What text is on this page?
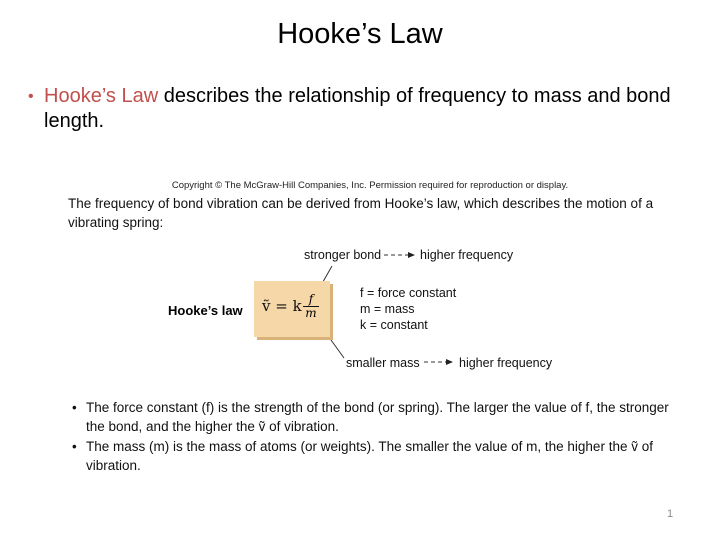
Hooke’s Law
• Hooke’s Law describes the relationship of frequency to mass and bond length.
Copyright © The McGraw-Hill Companies, Inc. Permission required for reproduction or display.
The frequency of bond vibration can be derived from Hooke’s law, which describes the motion of a vibrating spring:
stronger bond	higher frequency
Hooke’s law ṽ = k $\frac{f}{m}$	f = force constant
m = mass
k = constant
smaller mass	higher frequency
• The force constant (f) is the strength of the bond (or spring). The larger the value of f, the stronger the bond, and the higher the ṽ of vibration.
• The mass (m) is the mass of atoms (or weights). The smaller the value of m, the higher the ṽ of vibration.
1
